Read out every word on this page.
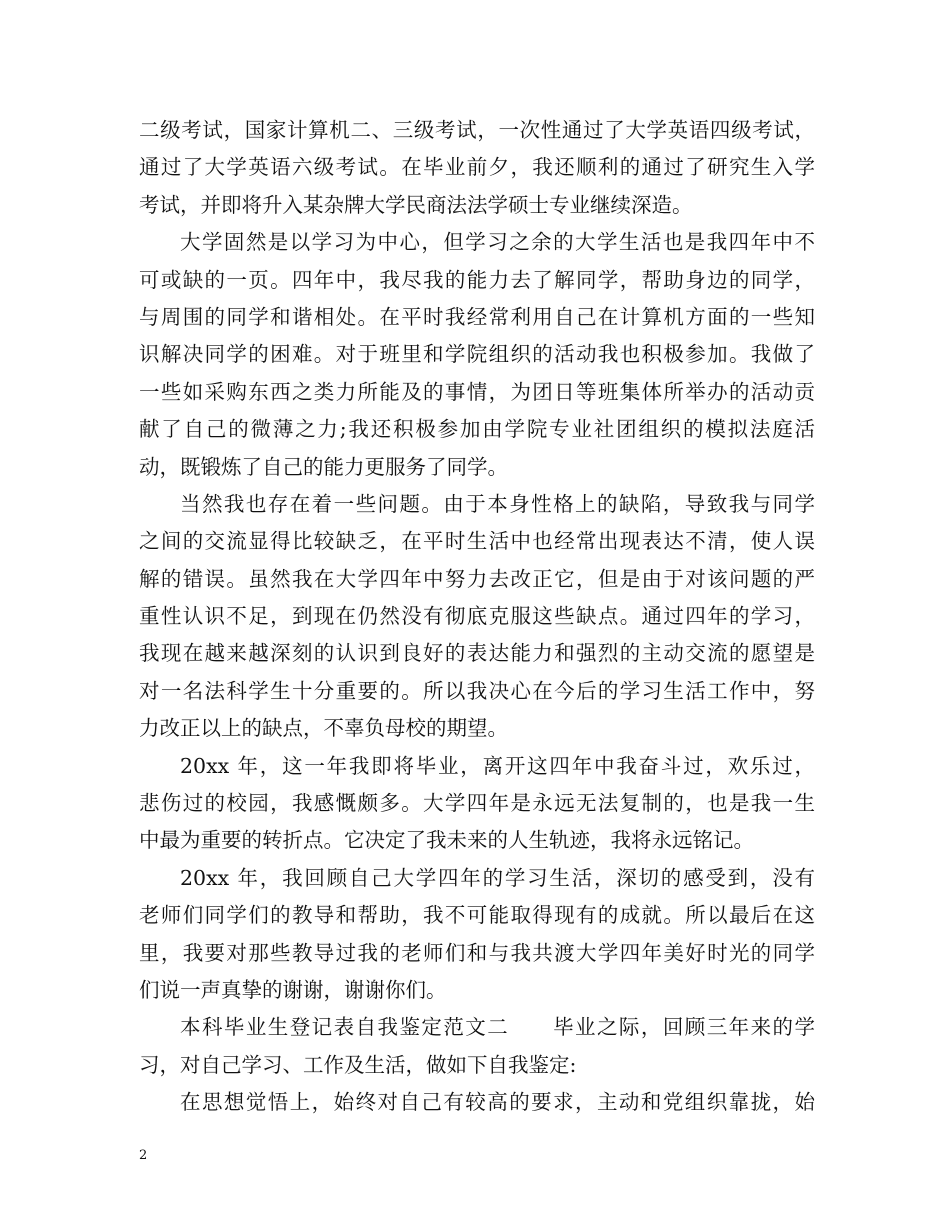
二级考试，国家计算机二、三级考试，一次性通过了大学英语四级考试，
通过了大学英语六级考试。在毕业前夕，我还顺利的通过了研究生入学
考试，并即将升入某杂牌大学民商法法学硕士专业继续深造。
大学固然是以学习为中心，但学习之余的大学生活也是我四年中不
可或缺的一页。四年中，我尽我的能力去了解同学，帮助身边的同学，
与周围的同学和谐相处。在平时我经常利用自己在计算机方面的一些知
识解决同学的困难。对于班里和学院组织的活动我也积极参加。我做了
一些如采购东西之类力所能及的事情，为团日等班集体所举办的活动贡
献了自己的微薄之力;我还积极参加由学院专业社团组织的模拟法庭活
动，既锻炼了自己的能力更服务了同学。
当然我也存在着一些问题。由于本身性格上的缺陷，导致我与同学
之间的交流显得比较缺乏，在平时生活中也经常出现表达不清，使人误
解的错误。虽然我在大学四年中努力去改正它，但是由于对该问题的严
重性认识不足，到现在仍然没有彻底克服这些缺点。通过四年的学习，
我现在越来越深刻的认识到良好的表达能力和强烈的主动交流的愿望是
对一名法科学生十分重要的。所以我决心在今后的学习生活工作中，努
力改正以上的缺点，不辜负母校的期望。
20xx 年，这一年我即将毕业，离开这四年中我奋斗过，欢乐过，
悲伤过的校园，我感慨颇多。大学四年是永远无法复制的，也是我一生
中最为重要的转折点。它决定了我未来的人生轨迹，我将永远铭记。
20xx 年，我回顾自己大学四年的学习生活，深切的感受到，没有
老师们同学们的教导和帮助，我不可能取得现有的成就。所以最后在这
里，我要对那些教导过我的老师们和与我共渡大学四年美好时光的同学
们说一声真挚的谢谢，谢谢你们。
本科毕业生登记表自我鉴定范文二　　毕业之际，回顾三年来的学
习，对自己学习、工作及生活，做如下自我鉴定:
在思想觉悟上，始终对自己有较高的要求，主动和党组织靠拢，始
2
